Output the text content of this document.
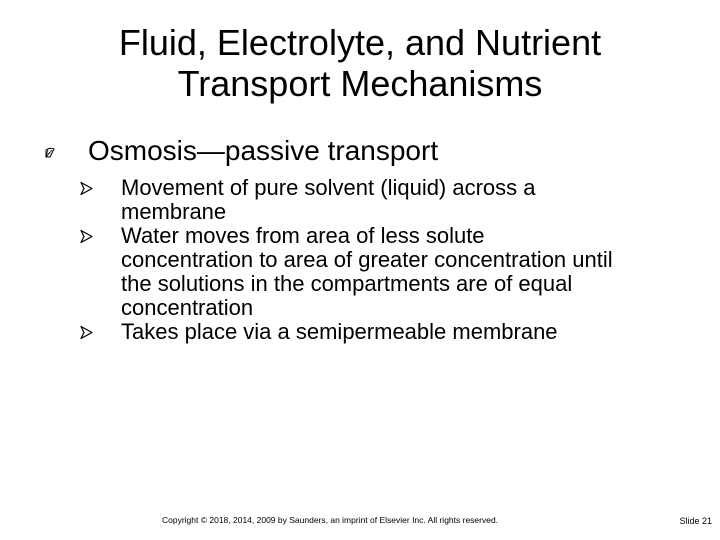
Fluid, Electrolyte, and Nutrient
Transport Mechanisms
Osmosis—passive transport
Movement of pure solvent (liquid) across a
membrane
Water moves from area of less solute
concentration to area of greater concentration until
the solutions in the compartments are of equal
concentration
Takes place via a semipermeable membrane
Copyright © 2018, 2014, 2009 by Saunders, an imprint of Elsevier Inc. All rights reserved.	Slide 21
